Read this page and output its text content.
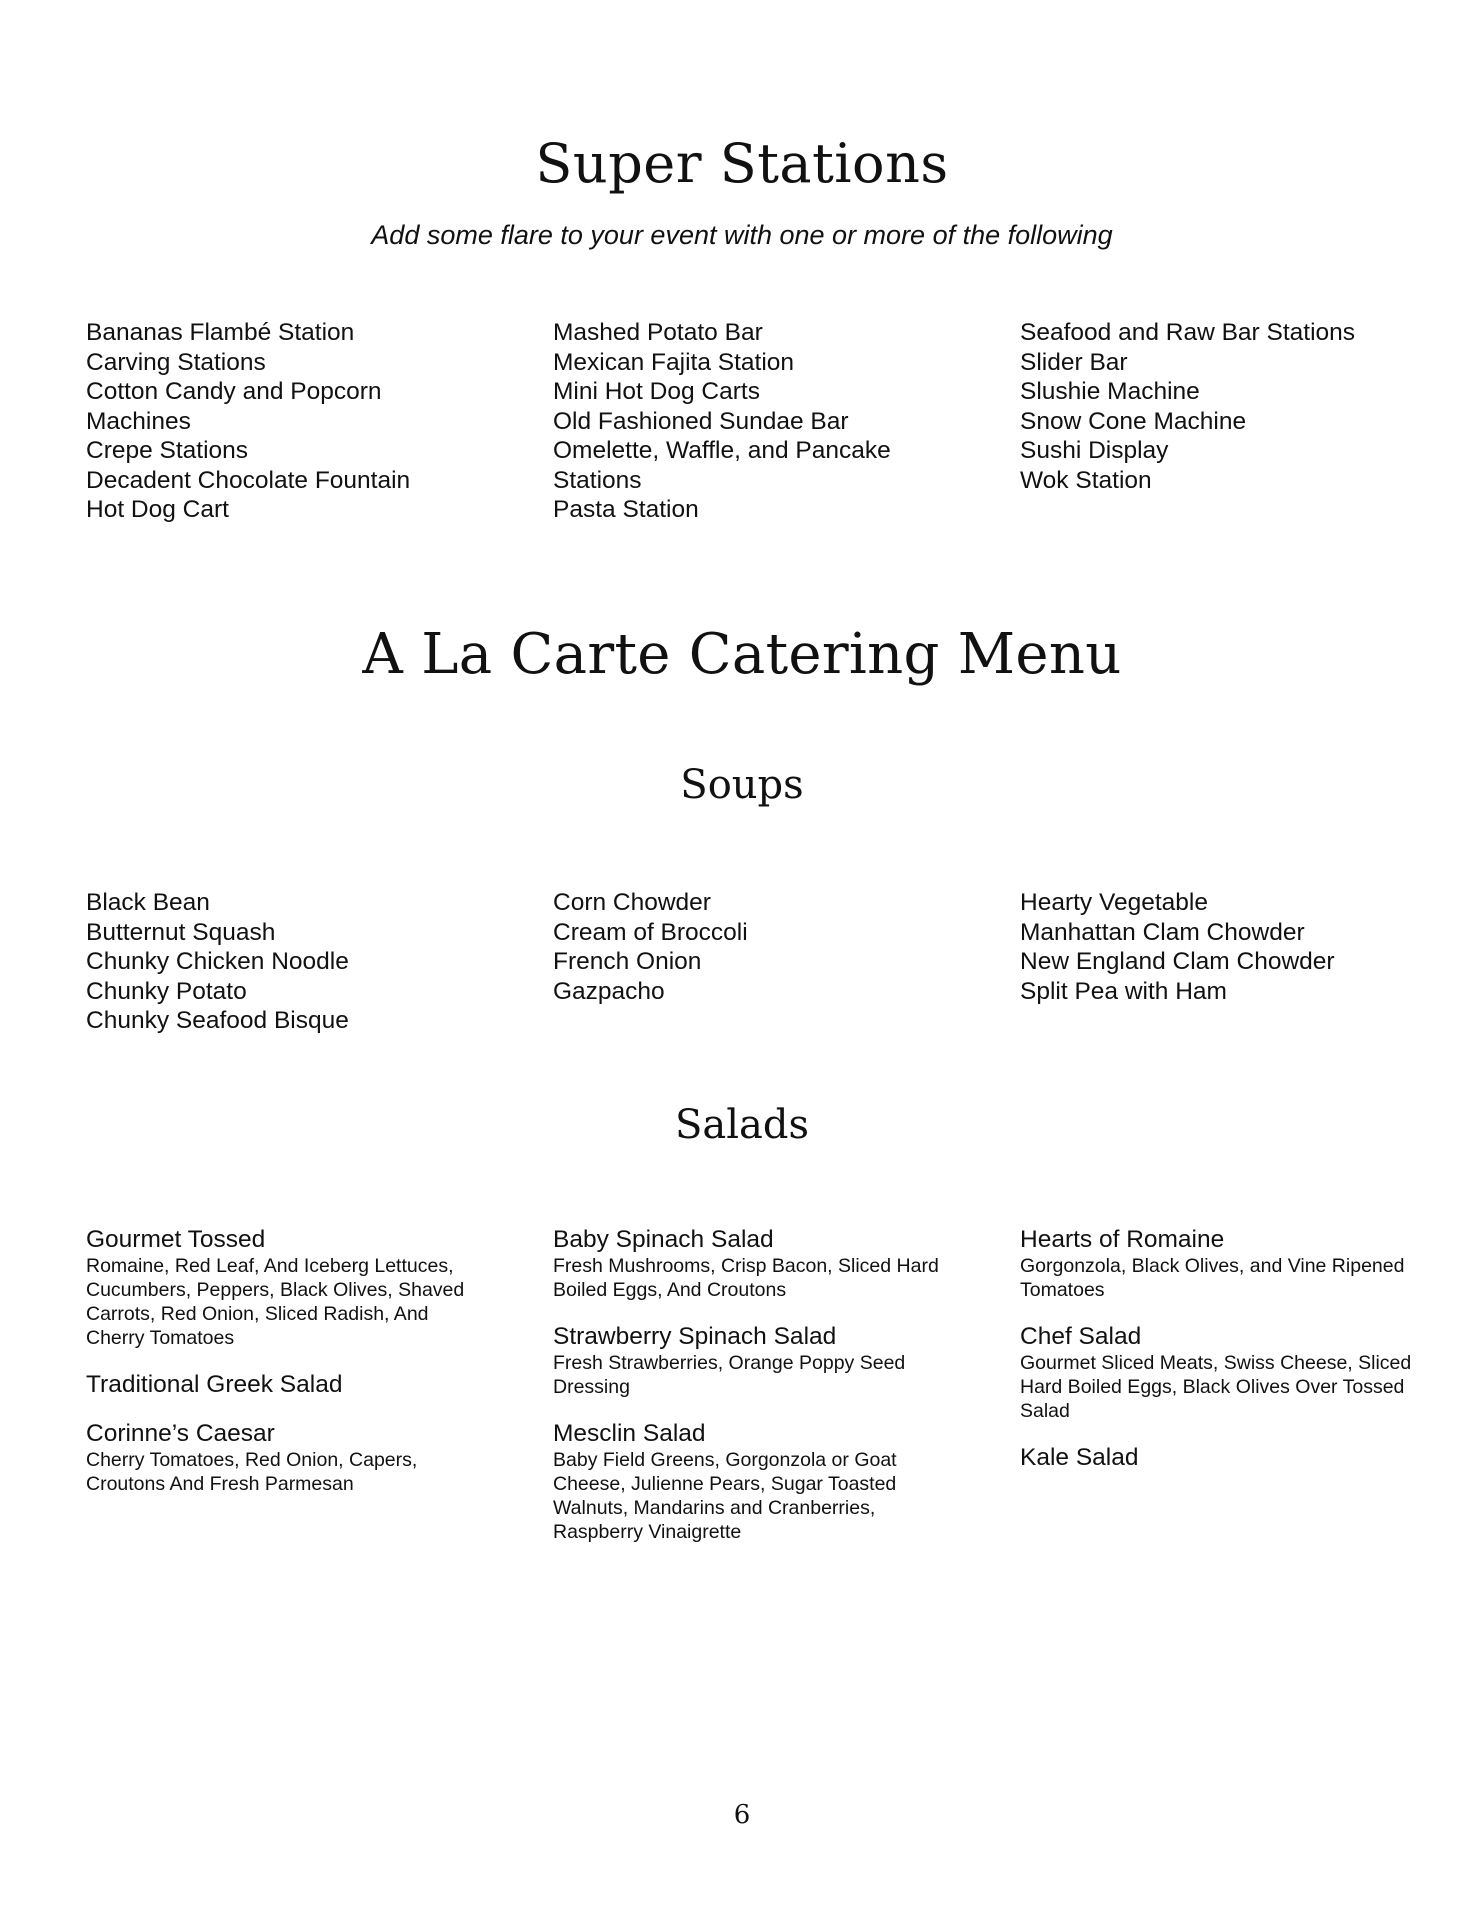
Super Stations

Add some flare to your event with one or more of the following

Bananas Flambé Station
Carving Stations
Cotton Candy and Popcorn
Machines
Crepe Stations
Decadent Chocolate Fountain
Hot Dog Cart
Mashed Potato Bar
Mexican Fajita Station
Mini Hot Dog Carts
Old Fashioned Sundae Bar
Omelette, Waffle, and Pancake
Stations
Pasta Station
Seafood and Raw Bar Stations
Slider Bar
Slushie Machine
Snow Cone Machine
Sushi Display
Wok Station
A La Carte Catering Menu
Soups
Black Bean
Butternut Squash
Chunky Chicken Noodle
Chunky Potato
Chunky Seafood Bisque
Corn Chowder
Cream of Broccoli
French Onion
Gazpacho
Hearty Vegetable
Manhattan Clam Chowder
New England Clam Chowder
Split Pea with Ham
Salads
Gourmet Tossed
Romaine, Red Leaf, And Iceberg Lettuces, Cucumbers, Peppers, Black Olives, Shaved Carrots, Red Onion, Sliced Radish, And Cherry Tomatoes
Traditional Greek Salad
Corinne’s Caesar
Cherry Tomatoes, Red Onion, Capers, Croutons And Fresh Parmesan
Baby Spinach Salad
Fresh Mushrooms, Crisp Bacon, Sliced Hard Boiled Eggs, And Croutons
Strawberry Spinach Salad
Fresh Strawberries, Orange Poppy Seed Dressing
Mesclin Salad
Baby Field Greens, Gorgonzola or Goat Cheese, Julienne Pears, Sugar Toasted Walnuts, Mandarins and Cranberries, Raspberry Vinaigrette
Hearts of Romaine
Gorgonzola, Black Olives, and Vine Ripened Tomatoes
Chef Salad
Gourmet Sliced Meats, Swiss Cheese, Sliced Hard Boiled Eggs, Black Olives Over Tossed Salad
Kale Salad
6
